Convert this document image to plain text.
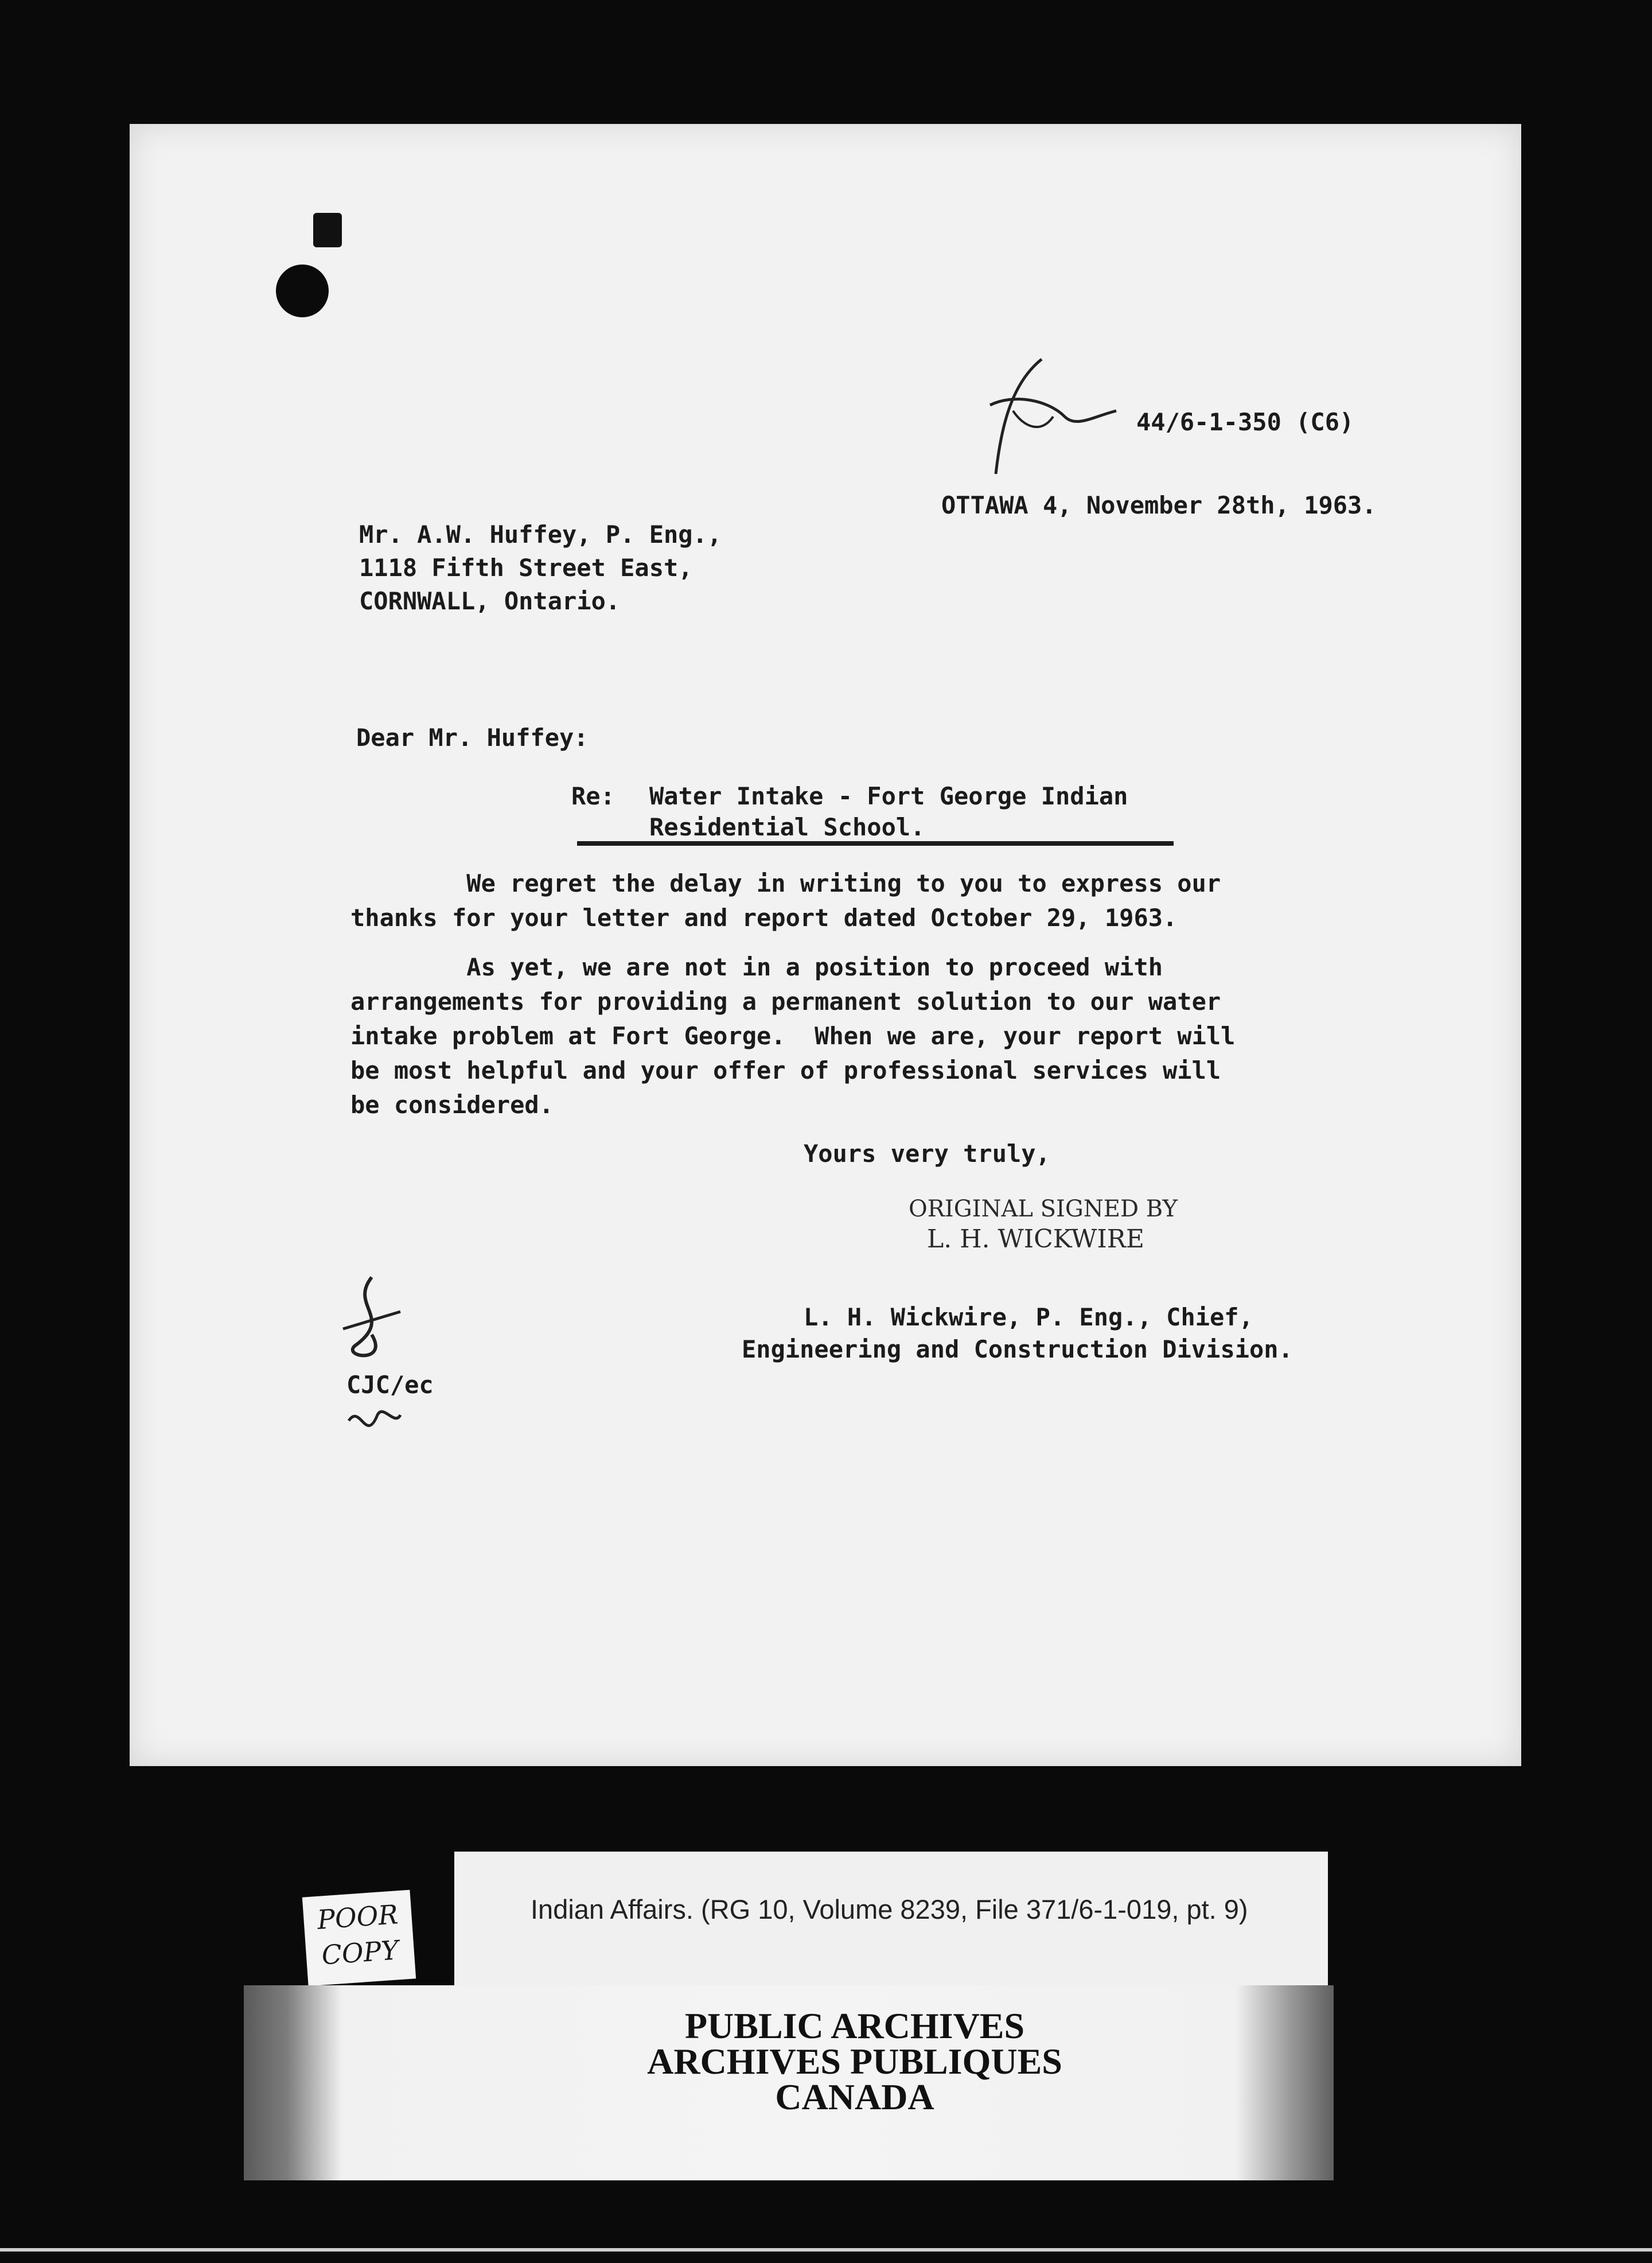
44/6-1-350 (C6)

OTTAWA 4, November 28th, 1963.

Mr. A.W. Huffey, P. Eng.,

1118 Fifth Street East,

CORNWALL, Ontario.

Dear Mr. Huffey:

Re: Water Intake - Fort George Indian

Residential School.

We regret the delay in writing to you to express our
thanks for your letter and report dated October 29, 1963.

As yet, we are not in a position to proceed with
arrangements for providing a permanent solution to our water
intake problem at Fort George.  When we are, your report will
be most helpful and your offer of professional services will
be considered.

Yours very truly,

ORIGINAL SIGNED BY
L. H. WICKWIRE

L. H. Wickwire, P. Eng., Chief,

Engineering and Construction Division.

CJC/ec

Indian Affairs. (RG 10, Volume 8239, File 371/6-1-019, pt. 9)
POOR
COPY
PUBLIC ARCHIVES
ARCHIVES PUBLIQUES
CANADA
